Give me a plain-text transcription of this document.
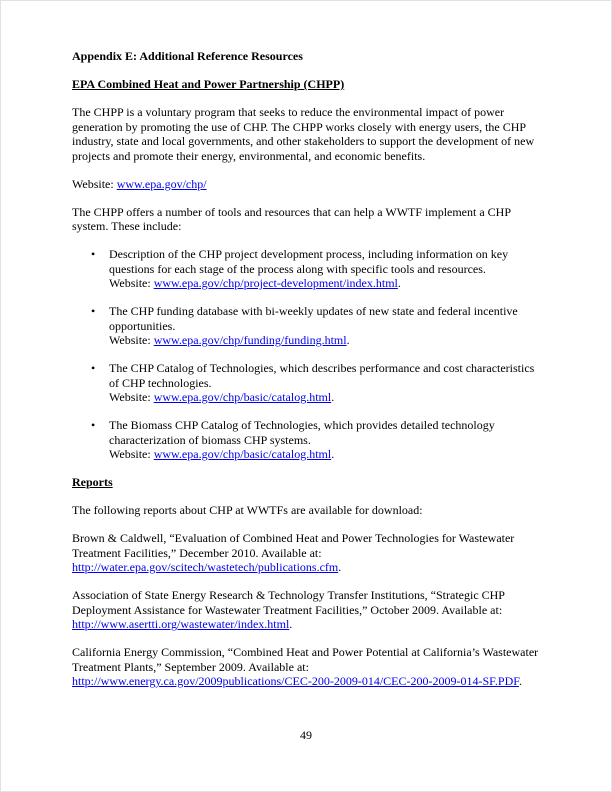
Appendix E: Additional Reference Resources

EPA Combined Heat and Power Partnership (CHPP)

The CHPP is a voluntary program that seeks to reduce the environmental impact of power generation by promoting the use of CHP. The CHPP works closely with energy users, the CHP industry, state and local governments, and other stakeholders to support the development of new projects and promote their energy, environmental, and economic benefits.

Website: www.epa.gov/chp/

The CHPP offers a number of tools and resources that can help a WWTF implement a CHP system. These include:

•	Description of the CHP project development process, including information on key questions for each stage of the process along with specific tools and resources.
Website: www.epa.gov/chp/project-development/index.html.
•	The CHP funding database with bi-weekly updates of new state and federal incentive opportunities.
Website: www.epa.gov/chp/funding/funding.html.
•	The CHP Catalog of Technologies, which describes performance and cost characteristics of CHP technologies.
Website: www.epa.gov/chp/basic/catalog.html.
•	The Biomass CHP Catalog of Technologies, which provides detailed technology characterization of biomass CHP systems.
Website: www.epa.gov/chp/basic/catalog.html.

Reports

The following reports about CHP at WWTFs are available for download:

Brown & Caldwell, “Evaluation of Combined Heat and Power Technologies for Wastewater Treatment Facilities,” December 2010. Available at:
http://water.epa.gov/scitech/wastetech/publications.cfm.

Association of State Energy Research & Technology Transfer Institutions, “Strategic CHP Deployment Assistance for Wastewater Treatment Facilities,” October 2009. Available at:
http://www.asertti.org/wastewater/index.html.

California Energy Commission, “Combined Heat and Power Potential at California’s Wastewater Treatment Plants,” September 2009. Available at:
http://www.energy.ca.gov/2009publications/CEC-200-2009-014/CEC-200-2009-014-SF.PDF.

49
